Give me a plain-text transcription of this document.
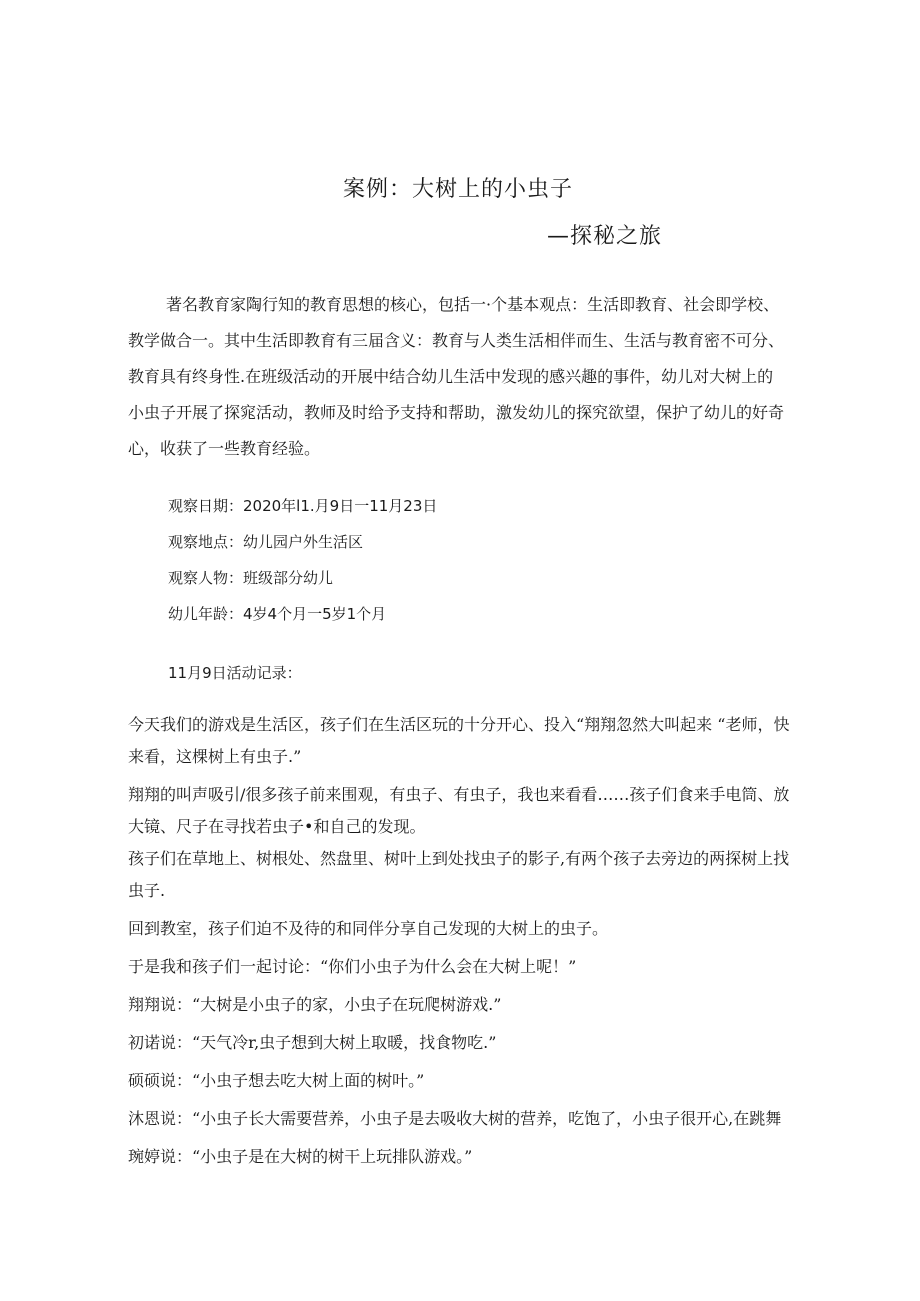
案例：大树上的小虫子
—探秘之旅

著名教育家陶行知的教育思想的核心，包括一·个基本观点：生活即教育、社会即学校、教学做合一。其中生活即教育有三届含义：教育与人类生活相伴而生、生活与教育密不可分、教育具有终身性.在班级活动的开展中结合幼儿生活中发现的感兴趣的事件，幼儿对大树上的小虫子开展了探窕活动，教师及时给予支持和帮助，激发幼儿的探究欲望，保护了幼儿的好奇心，收获了一些教育经验。

观察日期：2020年l1.月9日一11月23日
观察地点：幼儿园户外生活区
观察人物：班级部分幼儿
幼儿年龄：4岁4个月一5岁1个月

11月9日活动记录：

今天我们的游戏是生活区，孩子们在生活区玩的十分开心、投入“翔翔忽然大叫起来 “老师，快来看，这棵树上有虫子.”

翔翔的叫声吸引/很多孩子前来围观，有虫子、有虫子，我也来看看……孩子们食来手电筒、放大镜、尺子在寻找若虫子•和自己的发现。

孩子们在草地上、树根处、然盘里、树叶上到处找虫子的影子,有两个孩子去旁边的两探树上找虫子.

回到教室，孩子们迫不及待的和同伴分享自己发现的大树上的虫子。

于是我和孩子们一起讨论：“你们小虫子为什么会在大树上呢！”

翔翔说：“大树是小虫子的家，小虫子在玩爬树游戏.”

初诺说：“天气冷r,虫子想到大树上取暖，找食物吃.”

硕硕说：“小虫子想去吃大树上面的树叶。”

沐恩说：“小虫子长大需要营养，小虫子是去吸收大树的营养，吃饱了，小虫子很开心,在跳舞

琬婷说：“小虫子是在大树的树干上玩排队游戏。”
